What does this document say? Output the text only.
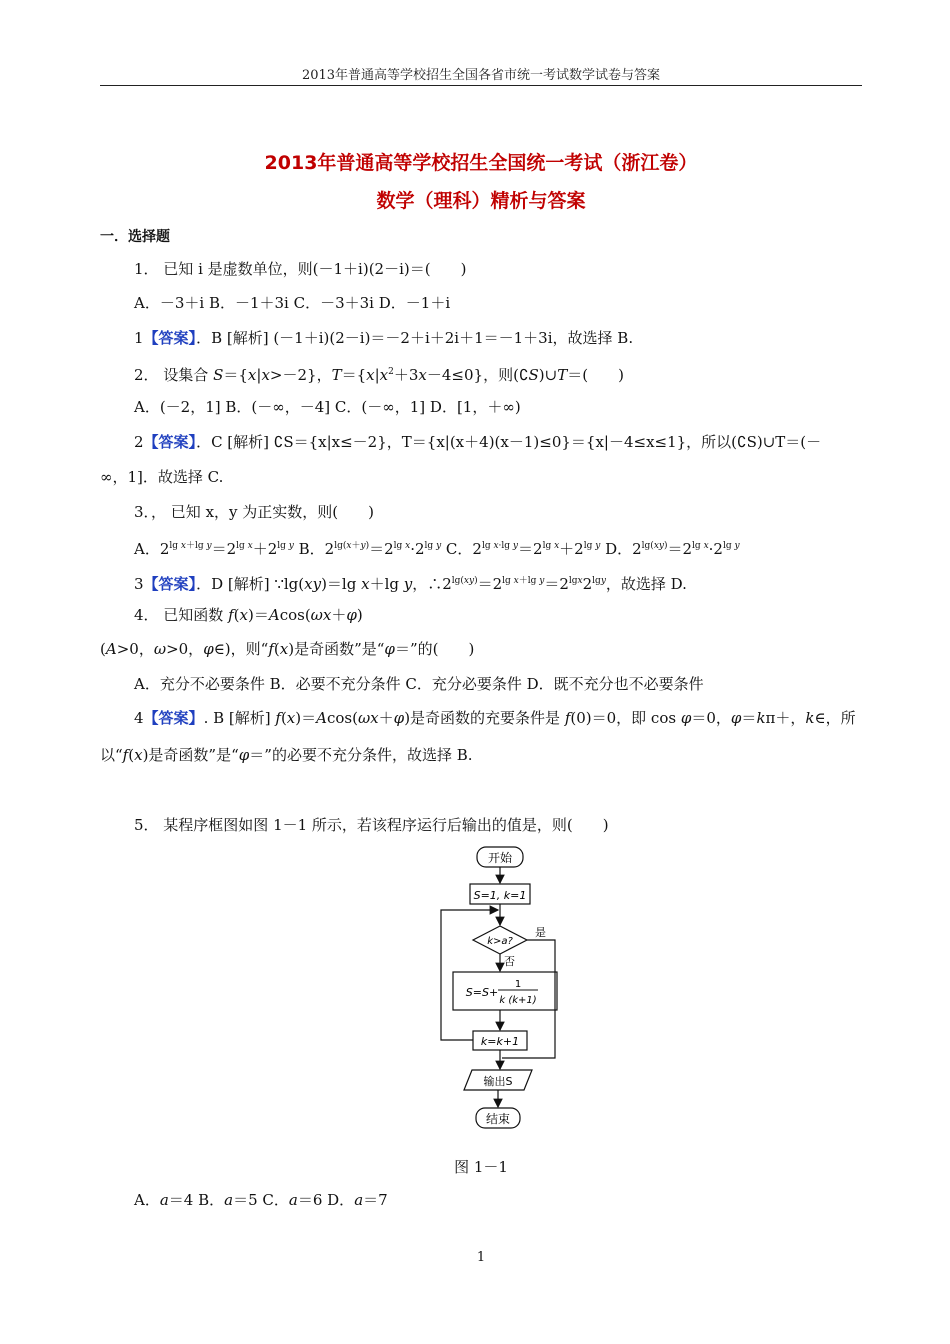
2013年普通高等学校招生全国各省市统一考试数学试卷与答案
2013年普通高等学校招生全国统一考试（浙江卷）
数学（理科）精析与答案
一．选择题
1． 已知 i 是虚数单位，则(－1＋i)(2－i)＝(　　)
A．－3＋i B．－1＋3i C．－3＋3i D．－1＋i
1【答案】．B [解析] (－1＋i)(2－i)＝－2＋i＋2i＋1＝－1＋3i，故选择 B.
2． 设集合 S＝{x|x>－2}，$T=\{x|x^2+3x-4\le 0\}$，则(∁S)∪T＝(　　)
A．(－2，1] B．(－∞，－4] C．(－∞，1] D．[1，＋∞)
2【答案】．C [解析] ∁S＝{x|x≤－2}，T＝{x|(x＋4)(x－1)≤0}＝{x|－4≤x≤1}，所以(∁S)∪T＝(－
∞，1]．故选择 C.
3．， 已知 x，y 为正实数，则(　　)
A．$2^{lg x+lg y}=2^{lg x}+2^{lg y}$ B．$2^{lg(x+y)}=2^{lg x}\cdot 2^{lg y}$ C．$2^{lg x\cdot lg y}=2^{lg x}+2^{lg y}$ D．$2^{lg(xy)}=2^{lg x}\cdot 2^{lg y}$
3【答案】．D [解析] ∵lg(xy)＝lg x＋lg y，$\therefore 2^{lg(xy)}=2^{lg x+lg y}=2^{lgx}2^{lgy}$，故选择 D.
4． 已知函数 f(x)＝Acos(ωx＋φ)
(A>0，ω>0，φ∈)，则“f(x)是奇函数”是“φ＝”的(　　)
A．充分不必要条件 B．必要不充分条件 C．充分必要条件 D．既不充分也不必要条件
4【答案】. B [解析] f(x)＝Acos(ωx＋φ)是奇函数的充要条件是 f(0)＝0，即 cos φ＝0，φ＝kπ＋，k∈，所
以“f(x)是奇函数”是“φ＝”的必要不充分条件，故选择 B.
5． 某程序框图如图 1－1 所示，若该程序运行后输出的值是，则(　　)
开始
S=1, k=1
k>a?
是
否
S=S+
1
k (k+1)
k=k+1
输出S
结束
图 1－1
A．a＝4 B．a＝5 C．a＝6 D．a＝7
1
